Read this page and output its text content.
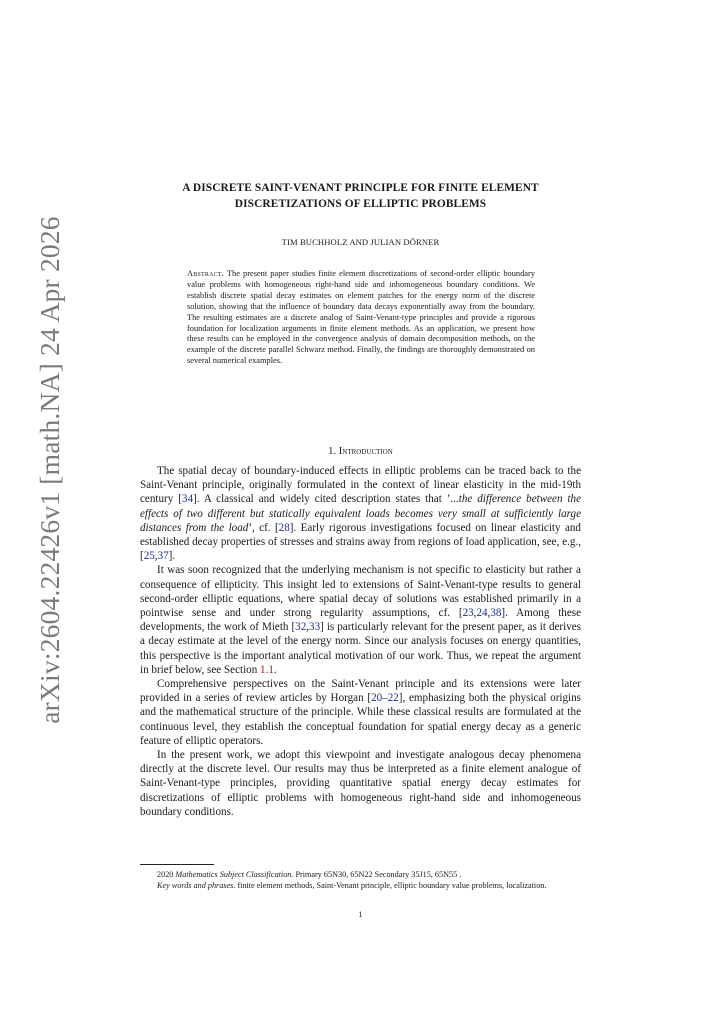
arXiv:2604.22426v1 [math.NA] 24 Apr 2026
A DISCRETE SAINT-VENANT PRINCIPLE FOR FINITE ELEMENT
DISCRETIZATIONS OF ELLIPTIC PROBLEMS
TIM BUCHHOLZ AND JULIAN DÖRNER
Abstract. The present paper studies finite element discretizations of second-order elliptic boundary value problems with homogeneous right-hand side and inhomogeneous boundary conditions. We establish discrete spatial decay estimates on element patches for the energy norm of the discrete solution, showing that the influence of boundary data decays exponentially away from the boundary. The resulting estimates are a discrete analog of Saint-Venant-type principles and provide a rigorous foundation for localization arguments in finite element methods. As an application, we present how these results can be employed in the convergence analysis of domain decomposition methods, on the example of the discrete parallel Schwarz method. Finally, the findings are thoroughly demonstrated on several numerical examples.
1. Introduction

The spatial decay of boundary-induced effects in elliptic problems can be traced back to the Saint-Venant principle, originally formulated in the context of linear elasticity in the mid-19th century [34]. A classical and widely cited description states that ’...the difference between the effects of two different but statically equivalent loads becomes very small at sufficiently large distances from the load’, cf. [28]. Early rigorous investigations focused on linear elasticity and established decay properties of stresses and strains away from regions of load application, see, e.g., [25,37].

It was soon recognized that the underlying mechanism is not specific to elasticity but rather a consequence of ellipticity. This insight led to extensions of Saint-Venant-type results to general second-order elliptic equations, where spatial decay of solutions was established primarily in a pointwise sense and under strong regularity assumptions, cf. [23,24,38]. Among these developments, the work of Mieth [32,33] is particularly relevant for the present paper, as it derives a decay estimate at the level of the energy norm. Since our analysis focuses on energy quantities, this perspective is the important analytical motivation of our work. Thus, we repeat the argument in brief below, see Section 1.1.

Comprehensive perspectives on the Saint-Venant principle and its extensions were later provided in a series of review articles by Horgan [20–22], emphasizing both the physical origins and the mathematical structure of the principle. While these classical results are formulated at the continuous level, they establish the conceptual foundation for spatial energy decay as a generic feature of elliptic operators.

In the present work, we adopt this viewpoint and investigate analogous decay phenomena directly at the discrete level. Our results may thus be interpreted as a finite element analogue of Saint-Venant-type principles, providing quantitative spatial energy decay estimates for discretizations of elliptic problems with homogeneous right-hand side and inhomogeneous boundary conditions.

2020 Mathematics Subject Classification. Primary 65N30, 65N22 Secondary 35J15, 65N55 .

Key words and phrases. finite element methods, Saint-Venant principle, elliptic boundary value problems, localization.

1
